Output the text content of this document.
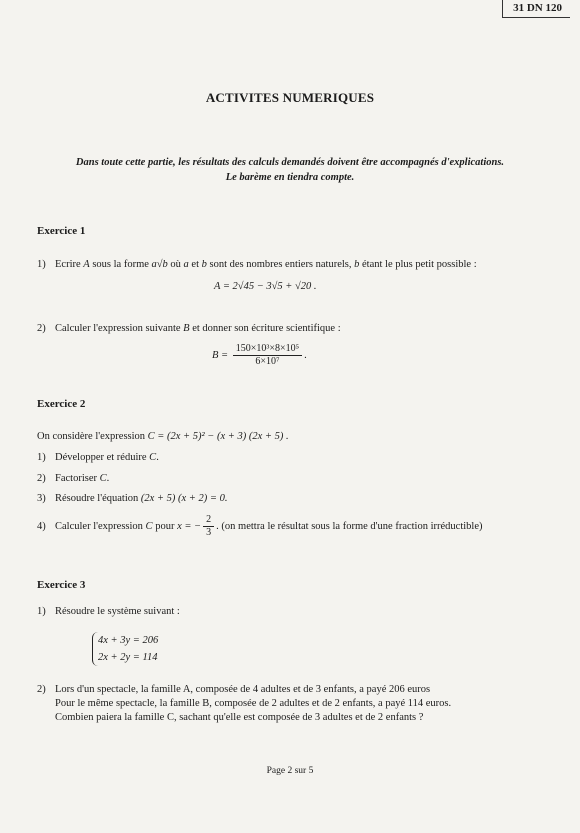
31 DN 120
ACTIVITES NUMERIQUES
Dans toute cette partie, les résultats des calculs demandés doivent être accompagnés d'explications.
Le barème en tiendra compte.
Exercice 1
1) Ecrire A sous la forme a√b où a et b sont des nombres entiers naturels, b étant le plus petit possible :
A = 2√45 − 3√5 + √20 .
2) Calculer l'expression suivante B et donner son écriture scientifique :
$B = \frac{\text{150×10³×8×10⁵}}{\text{6×10⁷}}$ .
Exercice 2
On considère l'expression C = (2x + 5)² − (x + 3) (2x + 5) .
1) Développer et réduire C.
2) Factoriser C.
3) Résoudre l'équation (2x + 5) (x + 2) = 0.
4) Calculer l'expression C pour x = − $\frac{2}{3}$ . (on mettra le résultat sous la forme d'une fraction irréductible)
Exercice 3
1) Résoudre le système suivant :
4x + 3y = 206
2x + 2y = 114
2) Lors d'un spectacle, la famille A, composée de 4 adultes et de 3 enfants, a payé 206 euros
Pour le même spectacle, la famille B, composée de 2 adultes et de 2 enfants, a payé 114 euros.
Combien paiera la famille C, sachant qu'elle est composée de 3 adultes et de 2 enfants ?
Page 2 sur 5
